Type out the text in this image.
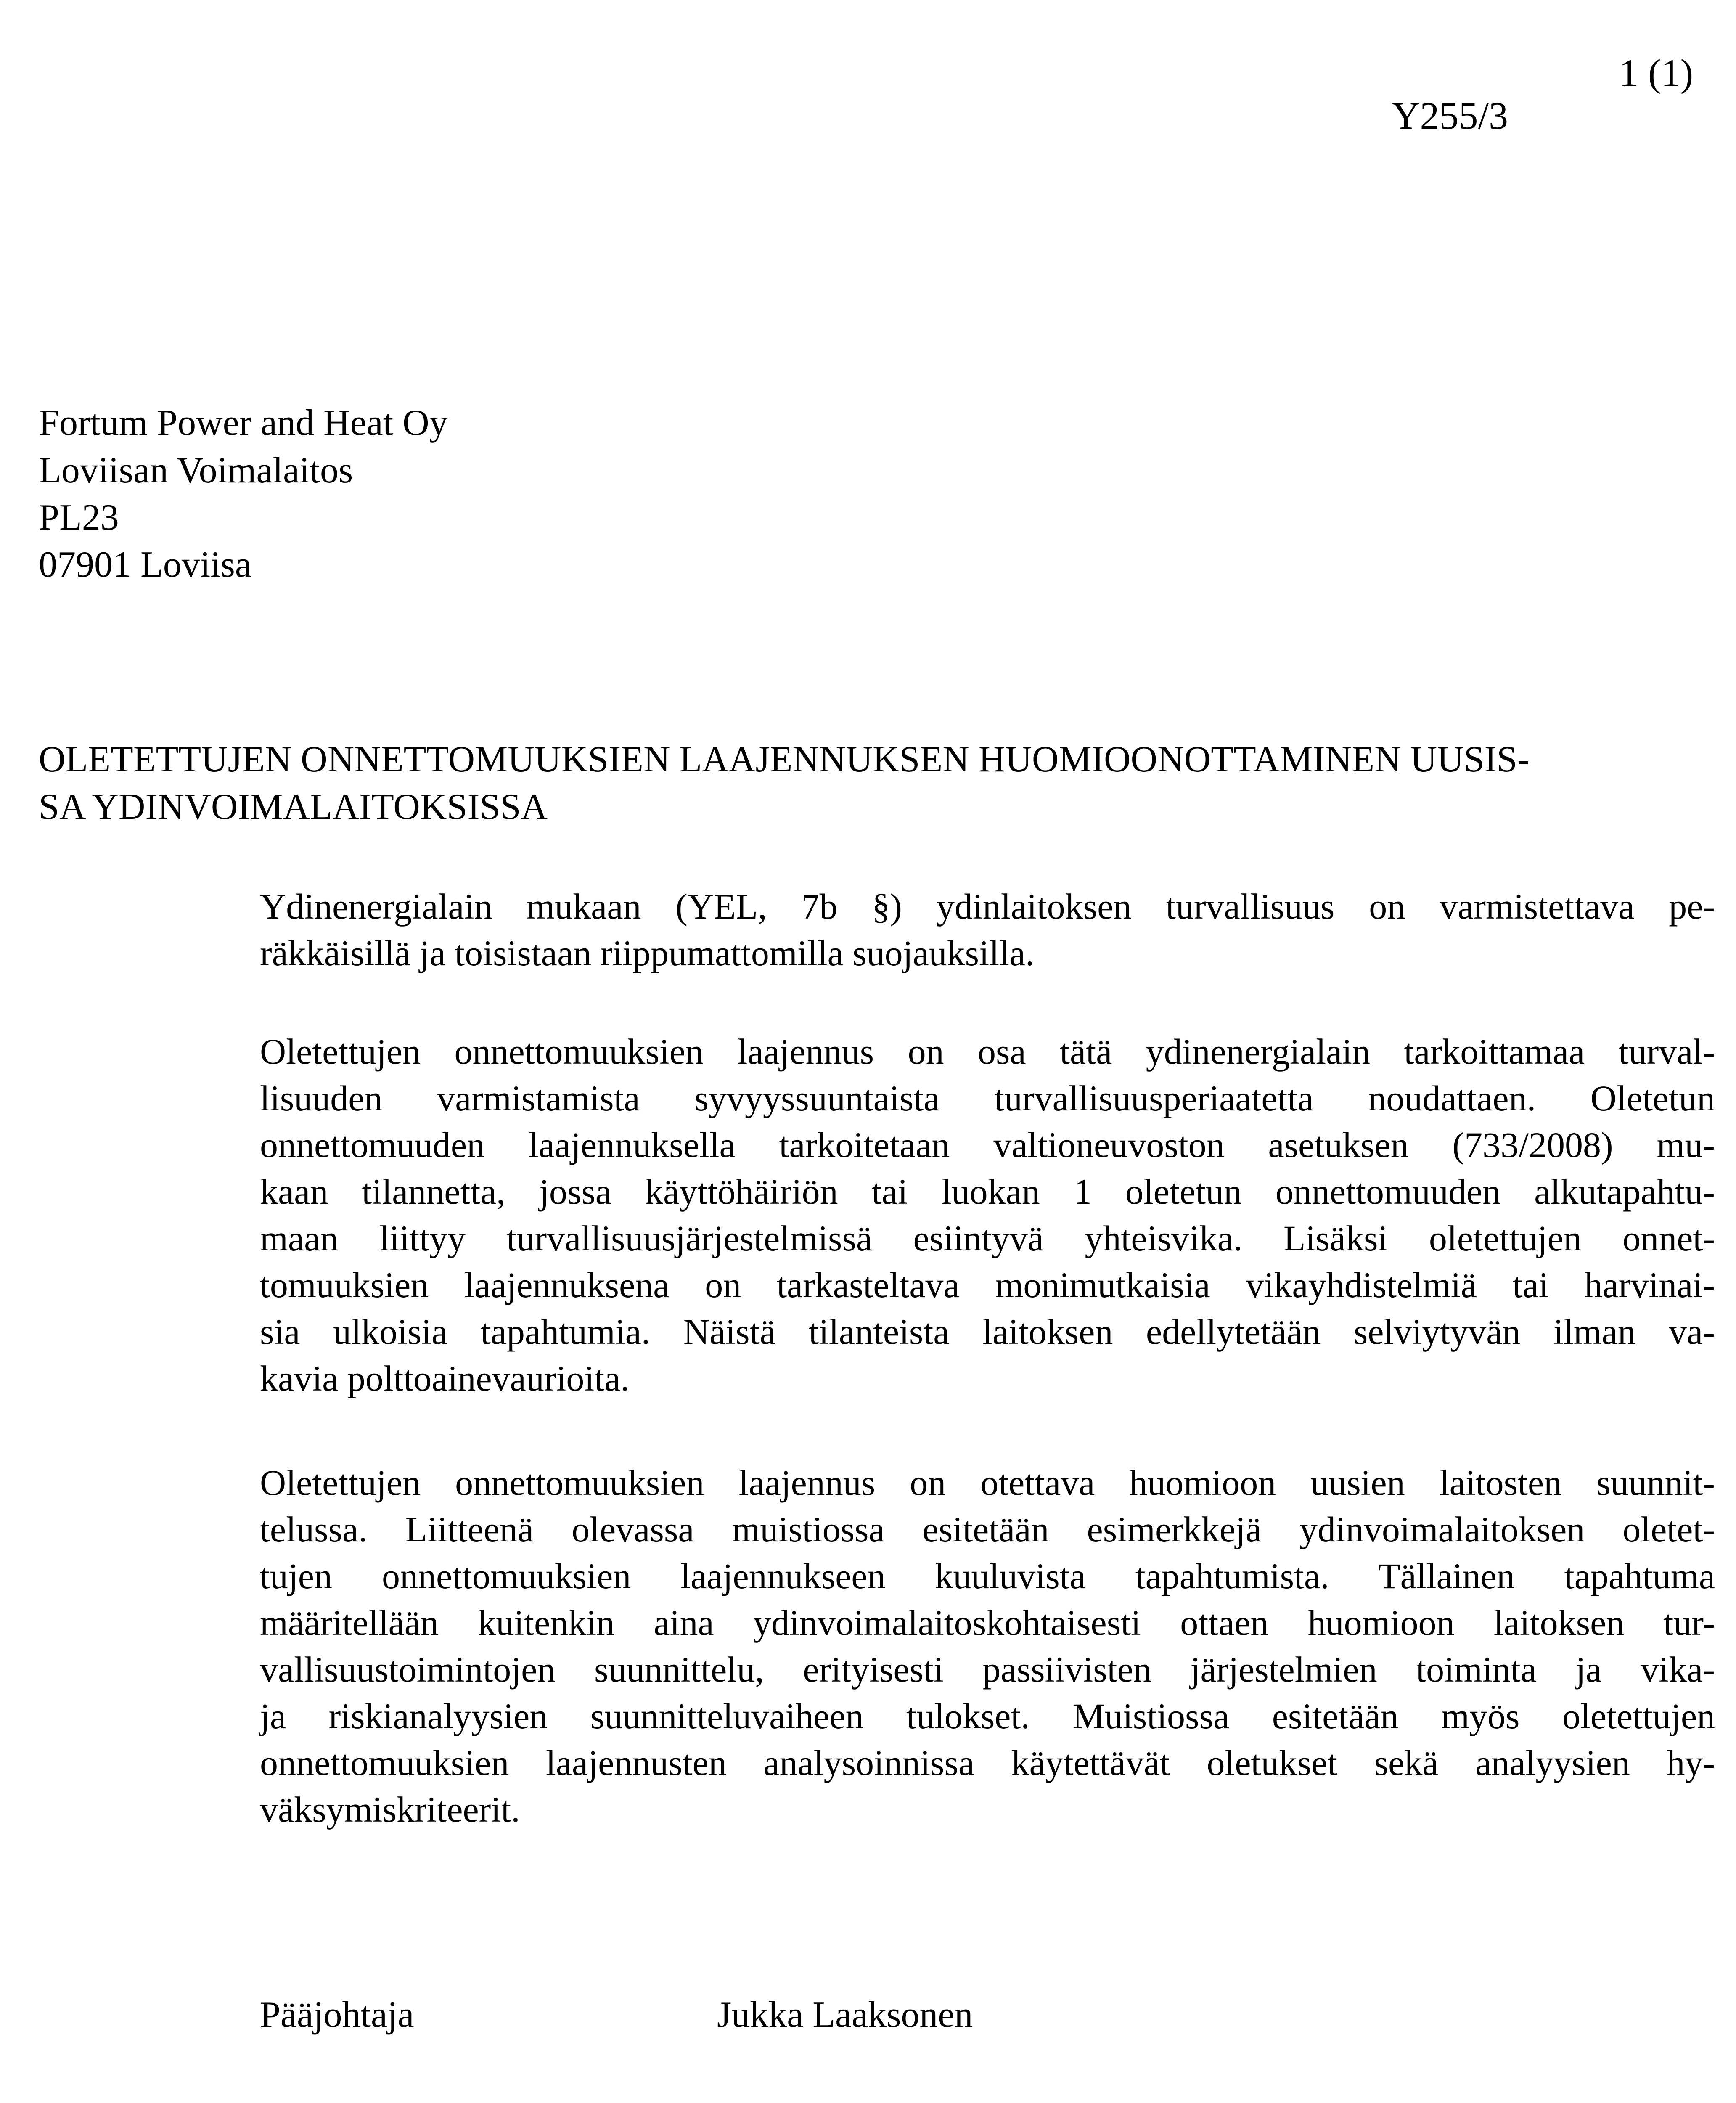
1 (1)
Y255/3
Fortum Power and Heat Oy
Loviisan Voimalaitos
PL23
07901 Loviisa
OLETETTUJEN ONNETTOMUUKSIEN LAAJENNUKSEN HUOMIOONOTTAMINEN UUSIS-
SA YDINVOIMALAITOKSISSA
Ydinenergialain mukaan (YEL, 7b §) ydinlaitoksen turvallisuus on varmistettava pe-
räkkäisillä ja toisistaan riippumattomilla suojauksilla.
Oletettujen onnettomuuksien laajennus on osa tätä ydinenergialain tarkoittamaa turval-
lisuuden varmistamista syvyyssuuntaista turvallisuusperiaatetta noudattaen. Oletetun
onnettomuuden laajennuksella tarkoitetaan valtioneuvoston asetuksen (733/2008) mu-
kaan tilannetta, jossa käyttöhäiriön tai luokan 1 oletetun onnettomuuden alkutapahtu-
maan liittyy turvallisuusjärjestelmissä esiintyvä yhteisvika. Lisäksi oletettujen onnet-
tomuuksien laajennuksena on tarkasteltava monimutkaisia vikayhdistelmiä tai harvinai-
sia ulkoisia tapahtumia. Näistä tilanteista laitoksen edellytetään selviytyvän ilman va-
kavia polttoainevaurioita.
Oletettujen onnettomuuksien laajennus on otettava huomioon uusien laitosten suunnit-
telussa. Liitteenä olevassa muistiossa esitetään esimerkkejä ydinvoimalaitoksen oletet-
tujen onnettomuuksien laajennukseen kuuluvista tapahtumista. Tällainen tapahtuma
määritellään kuitenkin aina ydinvoimalaitoskohtaisesti ottaen huomioon laitoksen tur-
vallisuustoimintojen suunnittelu, erityisesti passiivisten järjestelmien toiminta ja vika-
ja riskianalyysien suunnitteluvaiheen tulokset. Muistiossa esitetään myös oletettujen
onnettomuuksien laajennusten analysoinnissa käytettävät oletukset sekä analyysien hy-
väksymiskriteerit.
Pääjohtaja	Jukka Laaksonen
